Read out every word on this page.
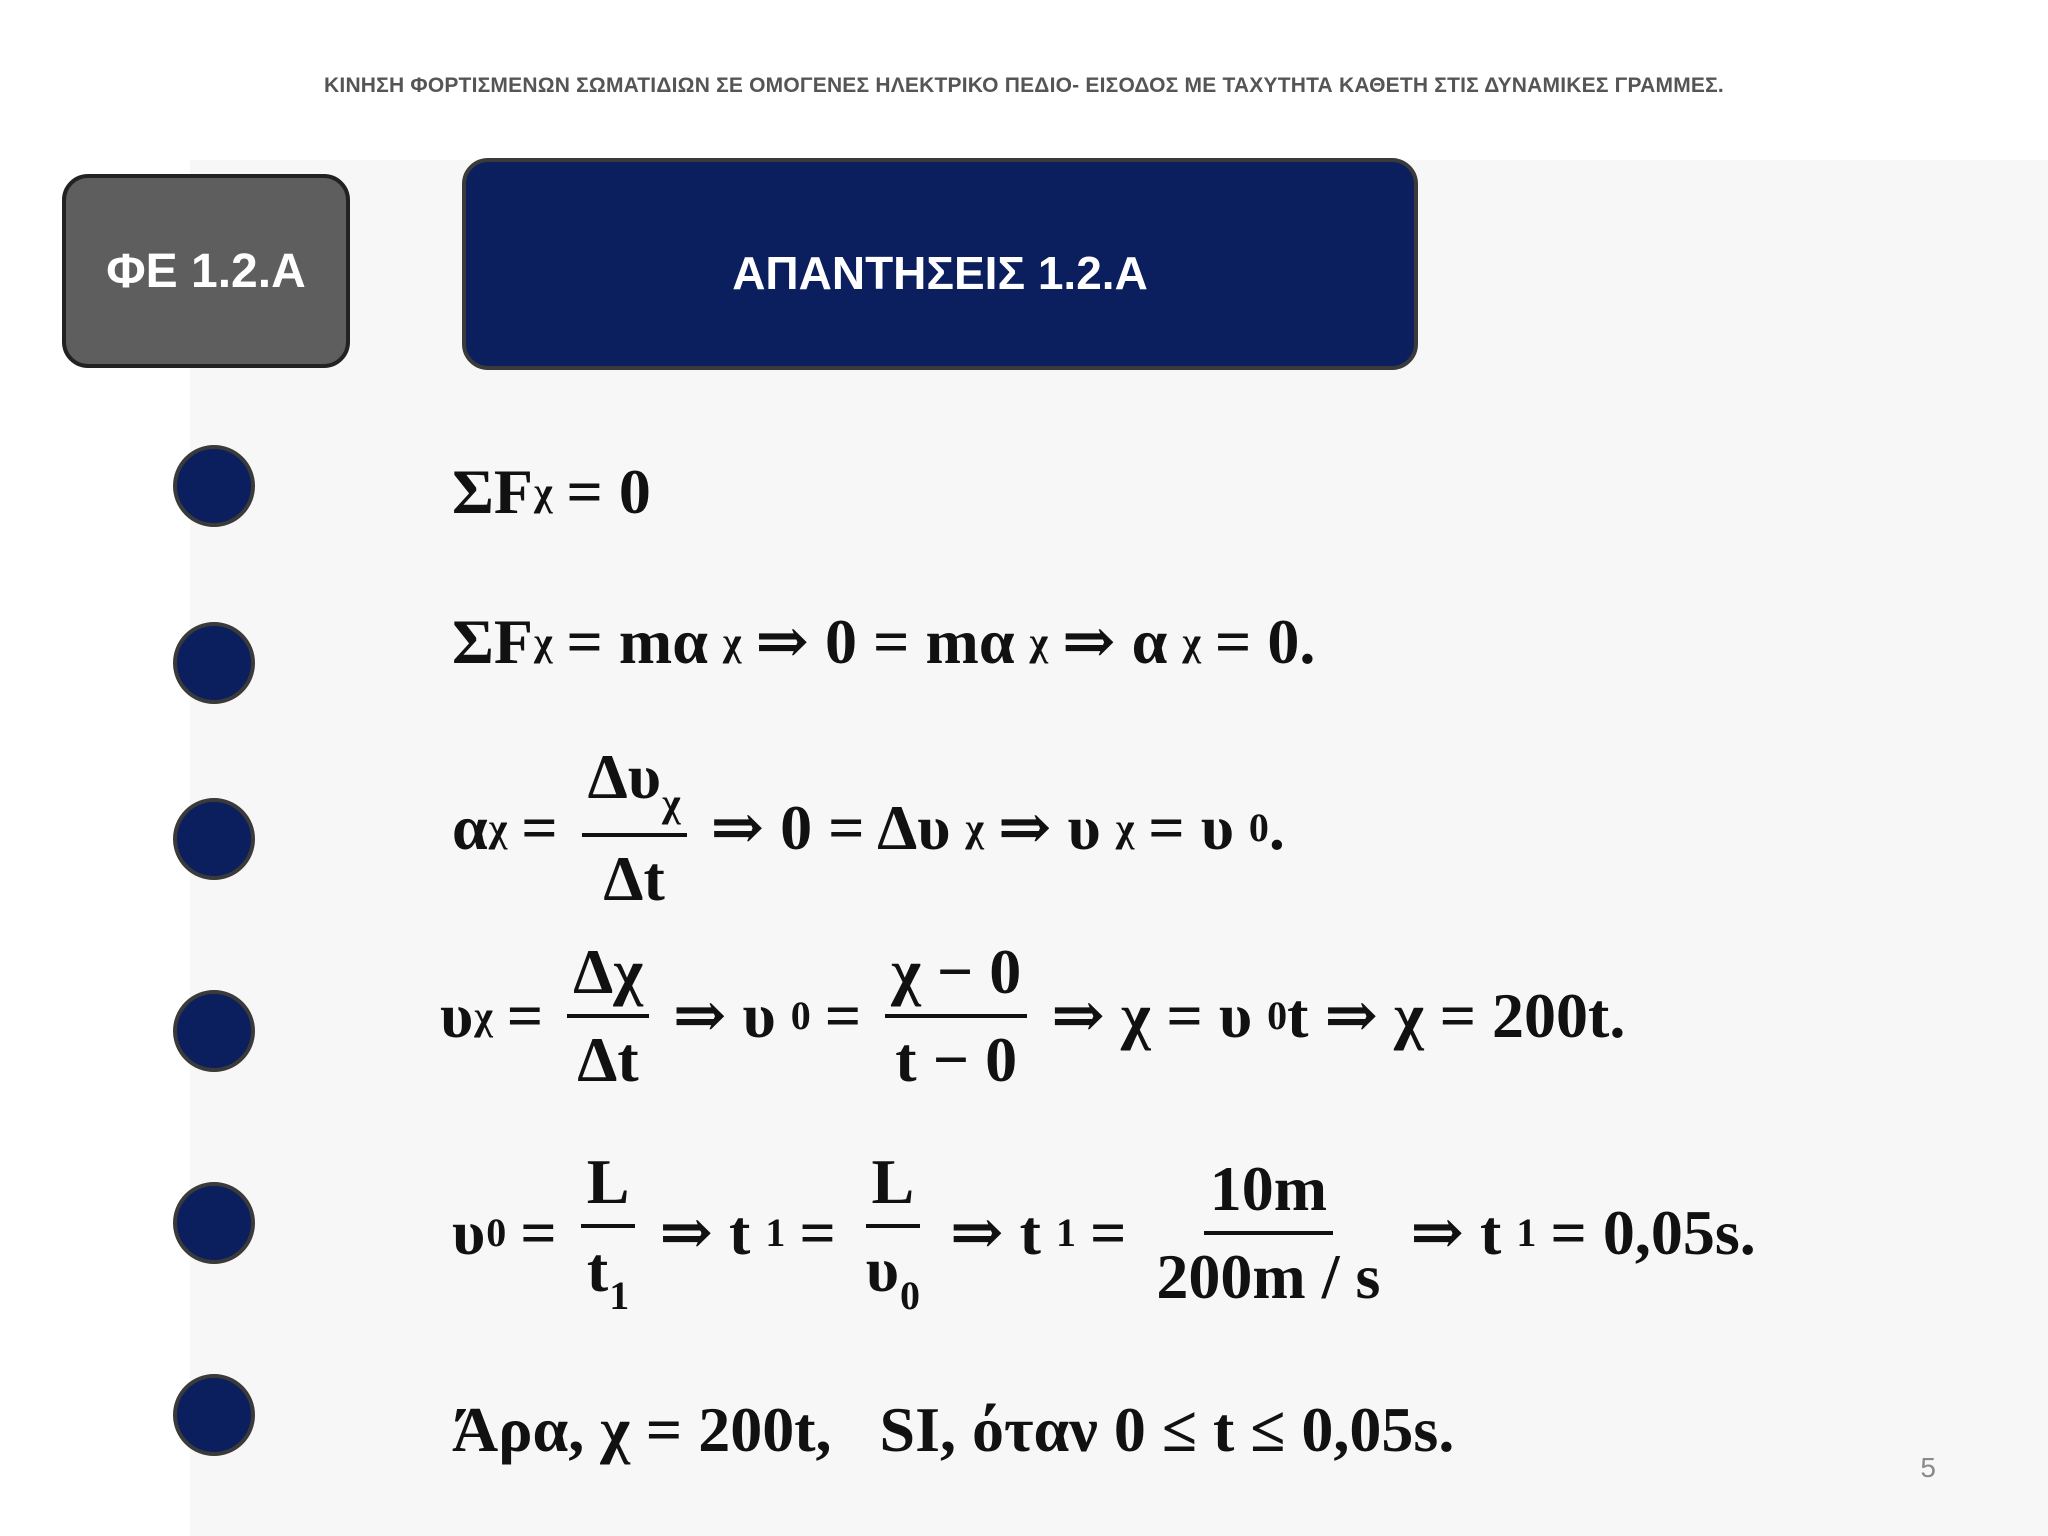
ΚΙΝΗΣΗ ΦΟΡΤΙΣΜΕΝΩΝ ΣΩΜΑΤΙΔΙΩΝ ΣΕ ΟΜΟΓΕΝΕΣ ΗΛΕΚΤΡΙΚΟ ΠΕΔΙΟ- ΕΙΣΟΔΟΣ ΜΕ ΤΑΧΥΤΗΤΑ ΚΑΘΕΤΗ ΣΤΙΣ ΔΥΝΑΜΙΚΕΣ ΓΡΑΜΜΕΣ.
ΦΕ 1.2.Α	ΑΠΑΝΤΗΣΕΙΣ 1.2.Α
ΣF χ = 0
ΣF χ = mα χ ⇒ 0 = mα χ ⇒ α χ = 0.
α $\chi = \frac{\Delta\upsilon_\chi}{\Delta t}$ ⇒ 0 = Δυ χ ⇒ υ χ = υ 0 .
υ $\chi = \frac{\Delta\chi}{\Delta t}$ ⇒ υ $0 = \frac{\chi - 0}{t - 0}$ ⇒ χ = υ 0 t ⇒ χ = 200t.
υ $0 = \frac{L}{t_1}$ ⇒ t $1 = \frac{L}{\upsilon_0}$ ⇒ t $1 = \frac{10m}{200m / s}$ ⇒ t 1 = 0,05s.
Άρα, χ = 200t,   SI, όταν 0 ≤ t ≤ 0,05s.
5
